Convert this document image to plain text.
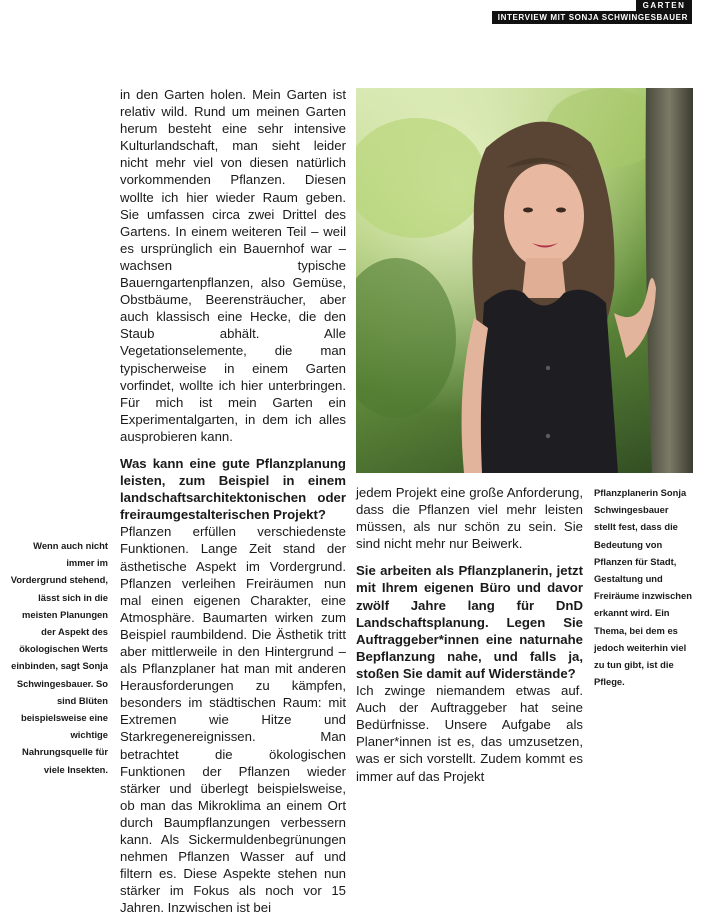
GARTEN
INTERVIEW MIT SONJA SCHWINGESBAUER

in den Garten holen. Mein Garten ist relativ wild. Rund um meinen Garten herum besteht eine sehr intensive Kulturlandschaft, man sieht leider nicht mehr viel von diesen natürlich vorkommenden Pflanzen. Diesen wollte ich hier wieder Raum geben. Sie umfassen circa zwei Drittel des Gartens. In einem weiteren Teil – weil es ursprünglich ein Bauernhof war – wachsen typische Bauerngartenpflanzen, also Gemüse, Obstbäume, Beerensträucher, aber auch klassisch eine Hecke, die den Staub abhält. Alle Vegetationselemente, die man typischerweise in einem Garten vorfindet, wollte ich hier unterbringen. Für mich ist mein Garten ein Experimentalgarten, in dem ich alles ausprobieren kann.

Was kann eine gute Pflanzplanung leisten, zum Beispiel in einem landschaftsarchitektonischen oder freiraumgestalterischen Projekt?

Pflanzen erfüllen verschiedenste Funktionen. Lange Zeit stand der ästhetische Aspekt im Vordergrund. Pflanzen verleihen Freiräumen nun mal einen eigenen Charakter, eine Atmosphäre. Baumarten wirken zum Beispiel raumbildend. Die Ästhetik tritt aber mittlerweile in den Hintergrund – als Pflanzplaner hat man mit anderen Herausforderungen zu kämpfen, besonders im städtischen Raum: mit Extremen wie Hitze und Starkregenereignissen. Man betrachtet die ökologischen Funktionen der Pflanzen wieder stärker und überlegt beispielsweise, ob man das Mikroklima an einem Ort durch Baumpflanzungen verbessern kann. Als Sickermuldenbegrünungen nehmen Pflanzen Wasser auf und filtern es. Diese Aspekte stehen nun stärker im Fokus als noch vor 15 Jahren. Inzwischen ist bei

jedem Projekt eine große Anforderung, dass die Pflanzen viel mehr leisten müssen, als nur schön zu sein. Sie sind nicht mehr nur Beiwerk.

Sie arbeiten als Pflanzplanerin, jetzt mit Ihrem eigenen Büro und davor zwölf Jahre lang für DnD Landschaftsplanung. Legen Sie Auftraggeber*innen eine naturnahe Bepflanzung nahe, und falls ja, stoßen Sie damit auf Widerstände?

Ich zwinge niemandem etwas auf. Auch der Auftraggeber hat seine Bedürfnisse. Unsere Aufgabe als Planer*innen ist es, das umzusetzen, was er sich vorstellt. Zudem kommt es immer auf das Projekt

Wenn auch nicht immer im Vordergrund stehend, lässt sich in die meisten Planungen der Aspekt des ökologischen Werts einbinden, sagt Sonja Schwingesbauer. So sind Blüten beispielsweise eine wichtige Nahrungsquelle für viele Insekten.
Pflanzplanerin Sonja Schwingesbauer stellt fest, dass die Bedeutung von Pflanzen für Stadt, Gestaltung und Freiräume inzwischen erkannt wird. Ein Thema, bei dem es jedoch weiterhin viel zu tun gibt, ist die Pflege.
